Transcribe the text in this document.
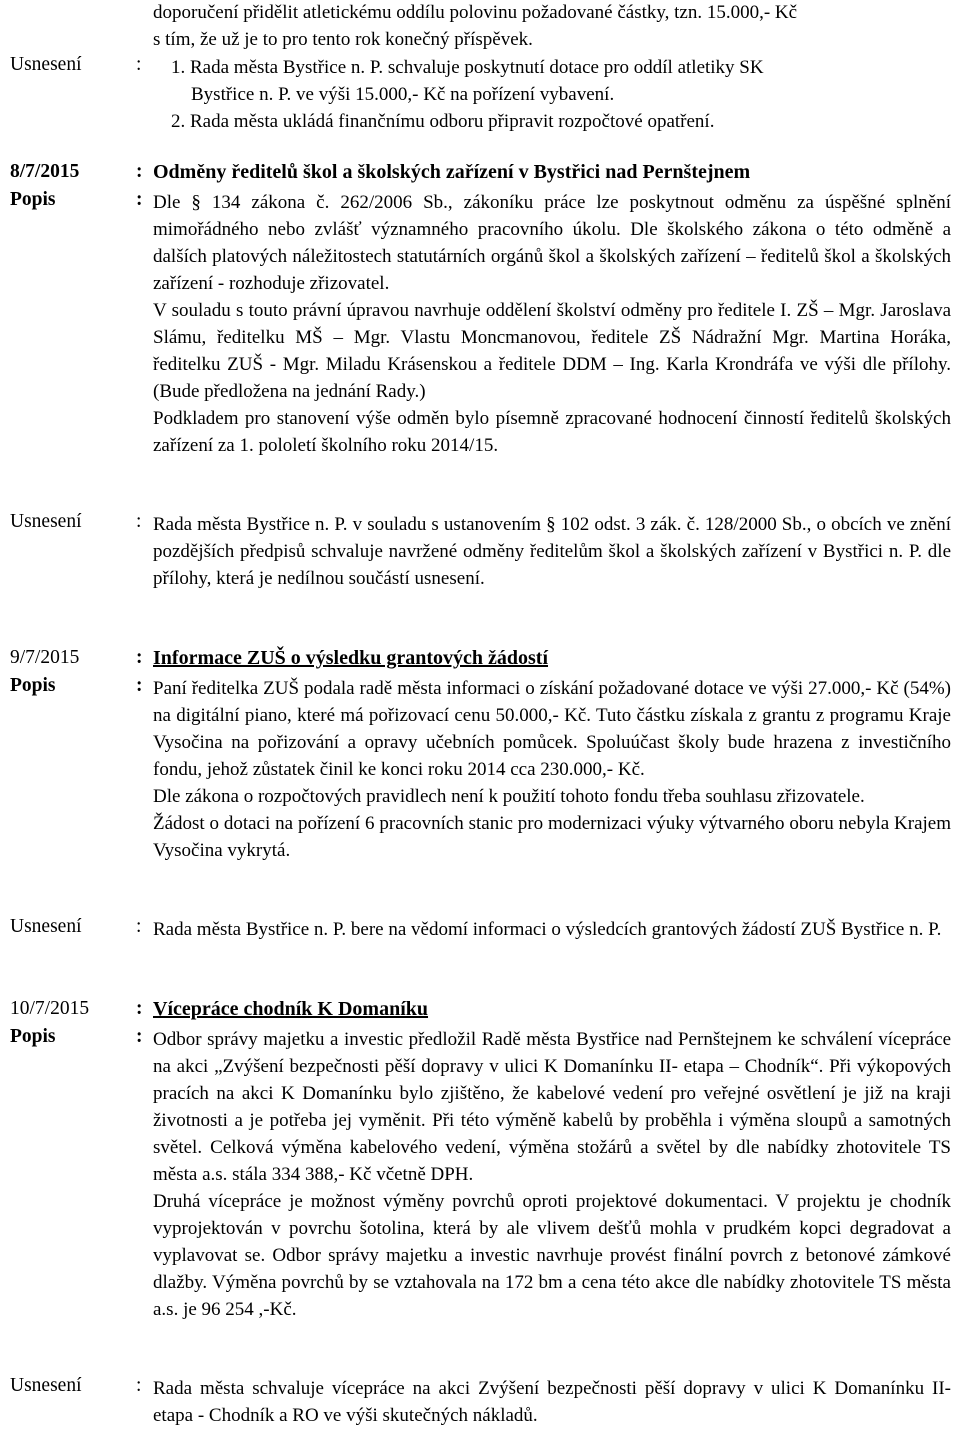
doporučení přidělit atletickému oddílu polovinu požadované částky, tzn. 15.000,- Kč

s tím, že už je to pro tento rok konečný příspěvek.

Usnesení	:	1. Rada města Bystřice n. P. schvaluje poskytnutí dotace pro oddíl atletiky SK

Bystřice n. P. ve výši 15.000,- Kč na pořízení vybavení.

2. Rada města ukládá finančnímu odboru připravit rozpočtové opatření.

8/7/2015	: Odměny ředitelů škol a školských zařízení v Bystřici nad Pernštejnem
Popis	: Dle § 134 zákona č. 262/2006 Sb., zákoníku práce lze poskytnout odměnu za úspěšné splnění mimořádného nebo zvlášť významného pracovního úkolu. Dle školského zákona o této odměně a dalších platových náležitostech statutárních orgánů škol a školských zařízení – ředitelů škol a školských zařízení - rozhoduje zřizovatel.

V souladu s touto právní úpravou navrhuje oddělení školství odměny pro ředitele I. ZŠ – Mgr. Jaroslava Slámu, ředitelku MŠ – Mgr. Vlastu Moncmanovou, ředitele ZŠ Nádražní Mgr. Martina Horáka, ředitelku ZUŠ - Mgr. Miladu Krásenskou a ředitele DDM – Ing. Karla Krondráfa ve výši dle přílohy. (Bude předložena na jednání Rady.)

Podkladem pro stanovení výše odměn bylo písemně zpracované hodnocení činností ředitelů školských zařízení za 1. pololetí školního roku 2014/15.

Usnesení	: Rada města Bystřice n. P. v souladu s ustanovením § 102 odst. 3 zák. č. 128/2000 Sb., o obcích ve znění pozdějších předpisů schvaluje navržené odměny ředitelům škol a školských zařízení v Bystřici n. P. dle přílohy, která je nedílnou součástí usnesení.

9/7/2015	: Informace ZUŠ o výsledku grantových žádostí
Popis	: Paní ředitelka ZUŠ podala radě města informaci o získání požadované dotace ve výši 27.000,- Kč (54%) na digitální piano, které má pořizovací cenu 50.000,- Kč. Tuto částku získala z grantu z programu Kraje Vysočina na pořizování a opravy učebních pomůcek. Spoluúčast školy bude hrazena z investičního fondu, jehož zůstatek činil ke konci roku 2014 cca 230.000,- Kč.

Dle zákona o rozpočtových pravidlech není k použití tohoto fondu třeba souhlasu zřizovatele.

Žádost o dotaci na pořízení 6 pracovních stanic pro modernizaci výuky výtvarného oboru nebyla Krajem Vysočina vykrytá.

Usnesení	: Rada města Bystřice n. P. bere na vědomí informaci o výsledcích grantových žádostí ZUŠ Bystřice n. P.

10/7/2015 : Vícepráce chodník K Domaníku
Popis	: Odbor správy majetku a investic předložil Radě města Bystřice nad Pernštejnem ke schválení vícepráce na akci „Zvýšení bezpečnosti pěší dopravy v ulici K Domanínku II- etapa – Chodník“. Při výkopových pracích na akci K Domanínku bylo zjištěno, že kabelové vedení pro veřejné osvětlení je již na kraji životnosti a je potřeba jej vyměnit. Při této výměně kabelů by proběhla i výměna sloupů a samotných světel. Celková výměna kabelového vedení, výměna stožárů a světel by dle nabídky zhotovitele TS města a.s. stála 334 388,- Kč včetně DPH.

Druhá vícepráce je možnost výměny povrchů oproti projektové dokumentaci. V projektu je chodník vyprojektován v povrchu šotolina, která by ale vlivem dešťů mohla v prudkém kopci degradovat a vyplavovat se. Odbor správy majetku a investic navrhuje provést finální povrch z betonové zámkové dlažby. Výměna povrchů by se vztahovala na 172 bm a cena této akce dle nabídky zhotovitele TS města a.s. je 96 254 ,-Kč.

Usnesení	: Rada města schvaluje vícepráce na akci Zvýšení bezpečnosti pěší dopravy v ulici K Domanínku II- etapa - Chodník a RO ve výši skutečných nákladů.
